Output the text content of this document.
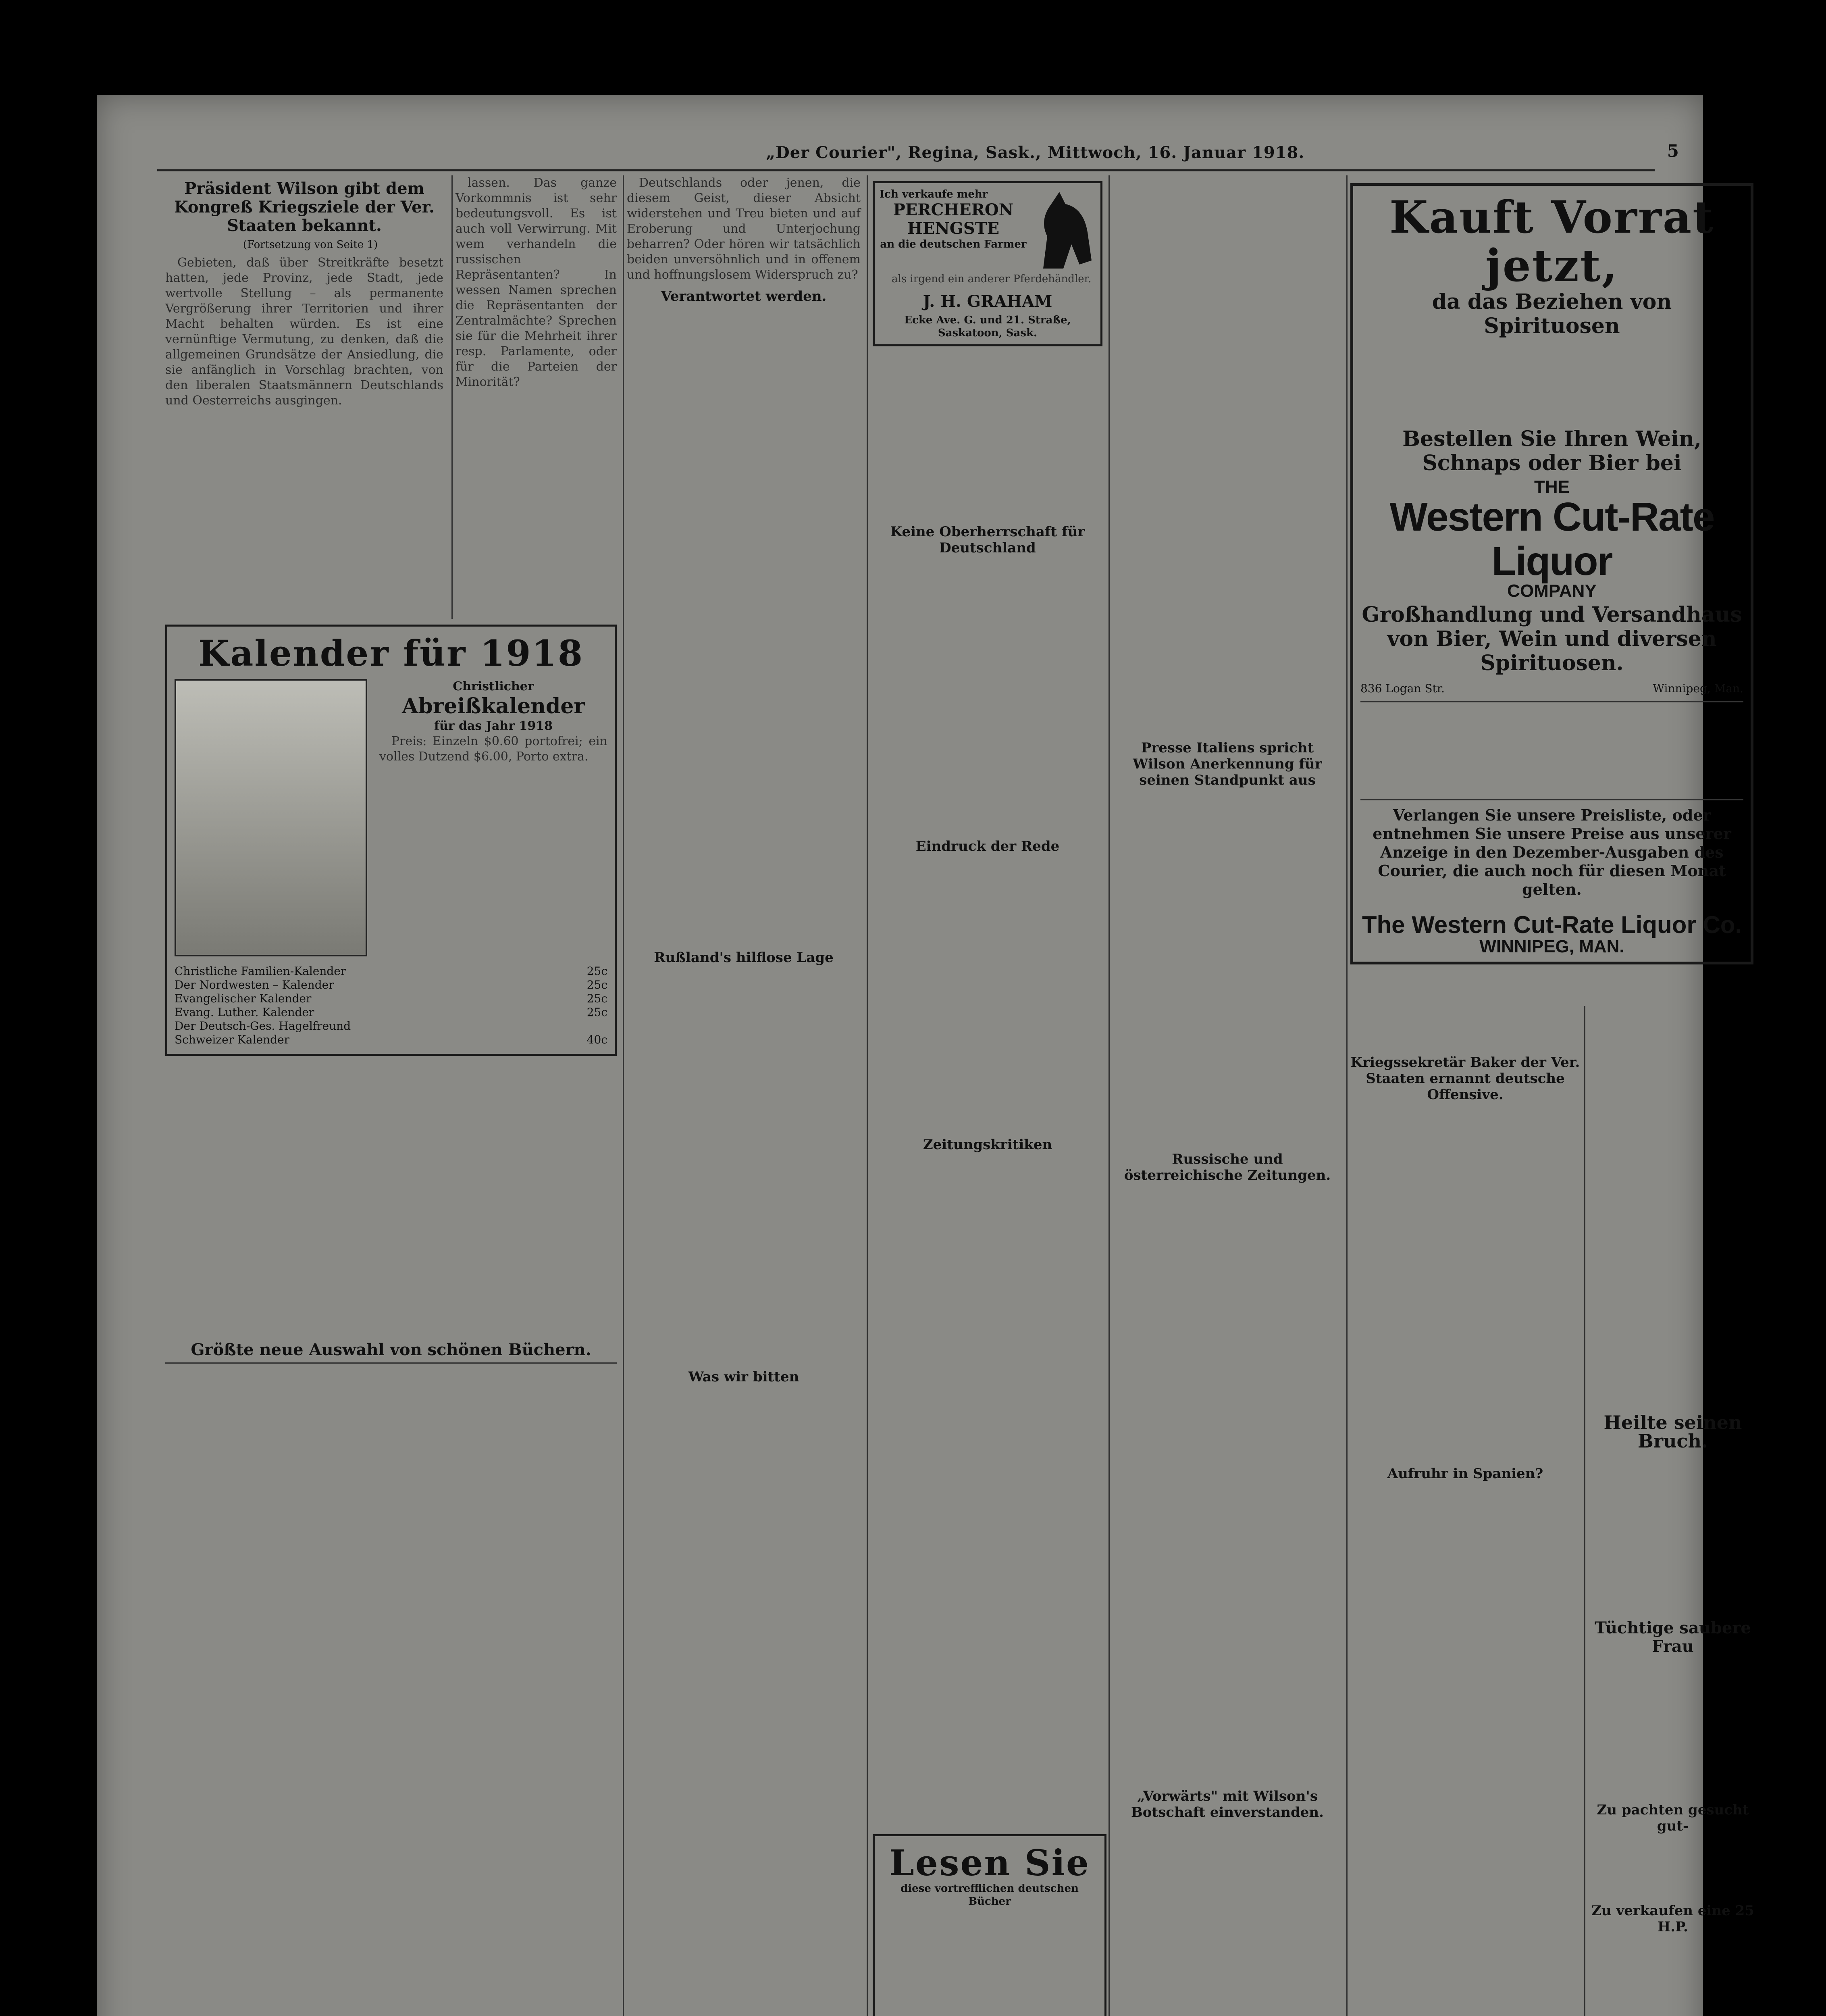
„Der Courier", Regina, Sask., Mittwoch, 16. Januar 1918.	5
Präsident Wilson gibt dem Kongreß Kriegsziele der Ver. Staaten bekannt.

(Fortsetzung von Seite 1)

Gebieten, daß über Streitkräfte besetzt hatten, jede Provinz, jede Stadt, jede wertvolle Stellung – als permanente Vergrößerung ihrer Territorien und ihrer Macht behalten würden. Es ist eine vernünftige Vermutung, zu denken, daß die allgemeinen Grundsätze der Ansiedlung, die sie anfänglich in Vorschlag brachten, von den liberalen Staatsmännern Deutschlands und Oesterreichs ausgingen.

Kalender für 1918
Christlicher
Abreißkalender
für das Jahr 1918

Preis: Einzeln $0.60 portofrei; ein volles Dutzend $6.00, Porto extra.

Christliche Familien-Kalender	25c
Der Nordwesten – Kalender	25c
Evangelischer Kalender	25c
Evang. Luther. Kalender	25c
Der Deutsch-Ges. Hagelfreund
Schweizer Kalender	40c
Größte neue Auswahl von schönen Büchern.

lassen. Das ganze Vorkommnis ist sehr bedeutungsvoll. Es ist auch voll Verwirrung. Mit wem verhandeln die russischen Repräsentanten? In wessen Namen sprechen die Repräsentanten der Zentralmächte? Sprechen sie für die Mehrheit ihrer resp. Parlamente, oder für die Parteien der Minorität?

Deutschlands oder jenen, die diesem Geist, dieser Absicht widerstehen und Treu bieten und auf Eroberung und Unterjochung beharren? Oder hören wir tatsächlich beiden unversöhnlich und in offenem und hoffnungslosem Widerspruch zu?

Verantwortet werden.
Rußland's hilflose Lage
Was wir bitten
Ich verkaufe mehr
PERCHERON HENGSTE
an die deutschen Farmer

als irgend ein anderer Pferdehändler.

J. H. GRAHAM
Ecke Ave. G. und 21. Straße, Saskatoon, Sask.
Keine Oberherrschaft für Deutschland
Eindruck der Rede
Zeitungskritiken
Lesen Sie
diese vortrefflichen deutschen Bücher
Presse Italiens spricht Wilson Anerkennung für seinen Standpunkt aus
Russische und österreichische Zeitungen.
„Vorwärts" mit Wilson's Botschaft einverstanden.
Kauft Vorrat jetzt,
da das Beziehen von Spirituosen
Bestellen Sie Ihren Wein, Schnaps oder Bier bei
THE
Western Cut-Rate Liquor
COMPANY
Großhandlung und Versandhaus von Bier, Wein und diversen Spirituosen.
836 Logan Str.	Winnipeg, Man.
Verlangen Sie unsere Preisliste, oder entnehmen Sie unsere Preise aus unserer Anzeige in den Dezember-Ausgaben des Courier, die auch noch für diesen Monat gelten.
The Western Cut-Rate Liquor Co.
WINNIPEG, MAN.
Kriegssekretär Baker der Ver. Staaten ernannt deutsche Offensive.
Aufruhr in Spanien?
Heilte seinen Bruch.
Tüchtige saubere Frau
Zu pachten gesucht gut-
Zu verkaufen eine 25 H.P.
